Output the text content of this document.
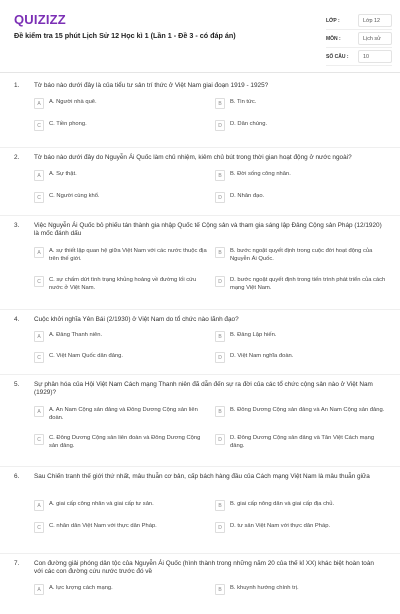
QUIZIZZ
Đề kiểm tra 15 phút Lịch Sử 12 Học kì 1 (Lần 1 - Đề 3 - có đáp án)
LỚP :	Lớp 12
MÔN :	Lịch sử
SỐ CÂU :	10
1. Tờ báo nào dưới đây là của tiểu tư sản trí thức ở Việt Nam giai đoạn 1919 - 1925?
A	A. Người nhà quê.	B	B. Tin tức.
C	C. Tiền phong.	D	D. Dân chúng.
2. Tờ báo nào dưới đây do Nguyễn Ái Quốc làm chủ nhiệm, kiêm chủ bút trong thời gian hoạt động ở nước ngoài?
A	A. Sự thật.	B	B. Đời sống công nhân.
C	C. Người cùng khổ.	D	D. Nhân đạo.
3. Việc Nguyễn Ái Quốc bỏ phiếu tán thành gia nhập Quốc tế Cộng sản và tham gia sáng lập Đảng Cộng sản Pháp (12/1920) là mốc đánh dấu
A	A. sự thiết lập quan hệ giữa Việt Nam với các nước thuộc địa trên thế giới.
B	B. bước ngoặt quyết định trong cuộc đời hoạt động của Nguyễn Ái Quốc.
C	C. sự chấm dứt tình trạng khủng hoảng về đường lối cứu nước ở Việt Nam.
D	D. bước ngoặt quyết định trong tiến trình phát triển của cách mạng Việt Nam.
4. Cuộc khởi nghĩa Yên Bái (2/1930) ở Việt Nam do tổ chức nào lãnh đạo?
A	A. Đảng Thanh niên.	B	B. Đảng Lập hiến.
C	C. Việt Nam Quốc dân đảng.	D	D. Việt Nam nghĩa đoàn.
5. Sự phân hóa của Hội Việt Nam Cách mạng Thanh niên đã dẫn đến sự ra đời của các tổ chức cộng sản nào ở Việt Nam (1929)?
A	A. An Nam Cộng sản đảng và Đông Dương Cộng sản liên đoàn.
B	B. Đông Dương Cộng sản đảng và An Nam Cộng sản đảng.
C	C. Đông Dương Cộng sản liên đoàn và Đông Dương Cộng sản đảng.
D	D. Đông Dương Cộng sản đảng và Tân Việt Cách mạng đảng.
6. Sau Chiến tranh thế giới thứ nhất, mâu thuẫn cơ bản, cấp bách hàng đầu của Cách mạng Việt Nam là mâu thuẫn giữa
A	A. giai cấp công nhân và giai cấp tư sản.	B	B. giai cấp nông dân và giai cấp địa chủ.
C	C. nhân dân Việt Nam với thực dân Pháp.	D	D. tư sản Việt Nam với thực dân Pháp.
7. Con đường giải phóng dân tộc của Nguyễn Ái Quốc (hình thành trong những năm 20 của thế kỉ XX) khác biệt hoàn toàn với các con đường cứu nước trước đó về
A	A. lực lượng cách mạng.	B	B. khuynh hướng chính trị.
